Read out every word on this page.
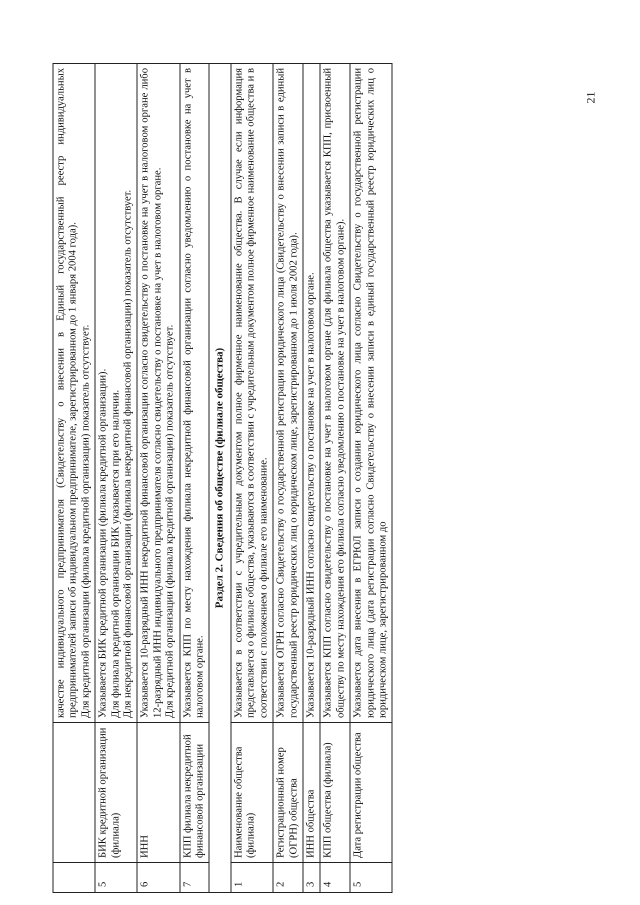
21

		качестве индивидуального предпринимателя (Свидетельству о внесении в Единый государственный реестр индивидуальных предпринимателей записи об индивидуальном предпринимателе, зарегистрированном до 1 января 2004 года). Для кредитной организации (филиала кредитной организации) показатель отсутствует.

5	БИК кредитной организации (филиала)	Указывается БИК кредитной организации (филиала кредитной организации). Для филиала кредитной организации БИК указывается при его наличии. Для некредитной финансовой организации (филиала некредитной финансовой организации) показатель отсутствует.

6	ИНН	Указывается 10-разрядный ИНН некредитной финансовой организации согласно свидетельству о постановке на учет в налоговом органе либо 12-разрядный ИНН индивидуального предпринимателя согласно свидетельству о постановке на учет в налоговом органе. Для кредитной организации (филиала кредитной организации) показатель отсутствует.

7	КПП филиала некредитной финансовой организации	Указывается КПП по месту нахождения филиала некредитной финансовой организации согласно уведомлению о постановке на учет в налоговом органе.

Раздел 2. Сведения об обществе (филиале общества)		
1	Наименование общества (филиала)	Указывается в соответствии с учредительным документом полное фирменное наименование общества. В случае если информация представляется о филиале общества, указываются в соответствии с учредительным документом полное фирменное наименование общества и в соответствии с положением о филиале его наименование.

2	Регистрационный номер (ОГРН) общества	Указывается ОГРН согласно Свидетельству о государственной регистрации юридического лица (Свидетельству о внесении записи в единый государственный реестр юридических лиц о юридическом лице, зарегистрированном до 1 июля 2002 года).

3	ИНН общества	Указывается 10-разрядный ИНН согласно свидетельству о постановке на учет в налоговом органе.

4	КПП общества (филиала)	Указывается КПП согласно свидетельству о постановке на учет в налоговом органе (для филиала общества указывается КПП, присвоенный обществу по месту нахождения его филиала согласно уведомлению о постановке на учет в налоговом органе).

5	Дата регистрации общества	Указывается дата внесения в ЕГРЮЛ записи о создании юридического лица согласно Свидетельству о государственной регистрации юридического лица (дата регистрации согласно Свидетельству о внесении записи в единый государственный реестр юридических лиц о юридическом лице, зарегистрированном до
